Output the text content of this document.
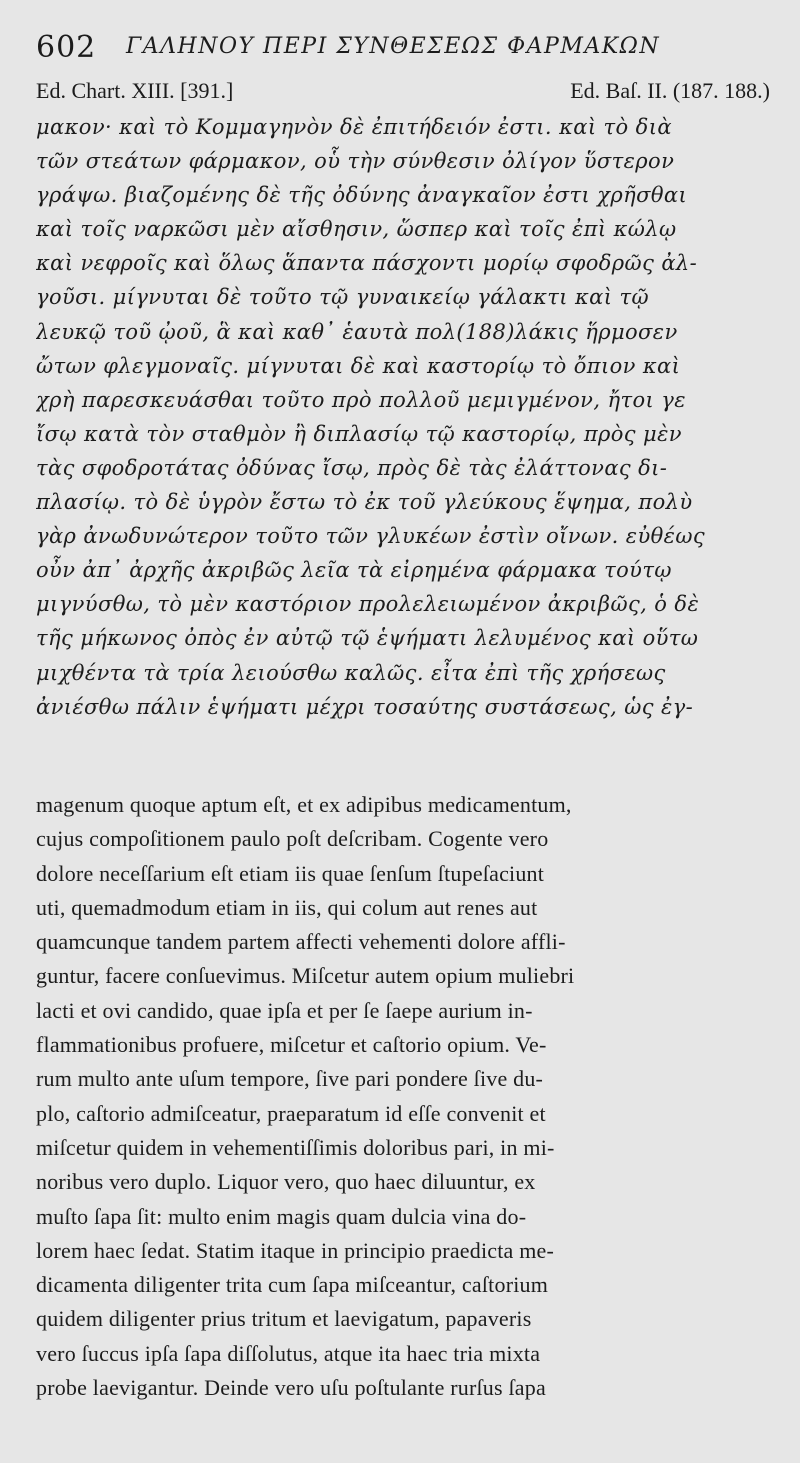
602 ΓΑΛΗΝΟΥ ΠΕΡΙ ΣΥΝΘΕΣΕΩΣ ΦΑΡΜΑΚΩΝ
Ed. Chart. XIII. [391.]	Ed. Baſ. II. (187. 188.)
μακον· καὶ τὸ Κομμαγηνὸν δὲ ἐπιτήδειόν ἐστι. καὶ τὸ διὰ
τῶν στεάτων φάρμακον, οὗ τὴν σύνθεσιν ὀλίγον ὕστερον
γράψω. βιαζομένης δὲ τῆς ὀδύνης ἀναγκαῖον ἐστι χρῆσθαι
καὶ τοῖς ναρκῶσι μὲν αἴσθησιν, ὥσπερ καὶ τοῖς ἐπὶ κώλῳ
καὶ νεφροῖς καὶ ὅλως ἅπαντα πάσχοντι μορίῳ σφοδρῶς ἀλ-
γοῦσι. μίγνυται δὲ τοῦτο τῷ γυναικείῳ γάλακτι καὶ τῷ
λευκῷ τοῦ ᾠοῦ, ἃ καὶ καθ᾽ ἑαυτὰ πολ(188)λάκις ἥρμοσεν
ὤτων φλεγμοναῖς. μίγνυται δὲ καὶ καστορίῳ τὸ ὄπιον καὶ
χρὴ παρεσκευάσθαι τοῦτο πρὸ πολλοῦ μεμιγμένον, ἤτοι γε
ἴσῳ κατὰ τὸν σταθμὸν ἢ διπλασίῳ τῷ καστορίῳ, πρὸς μὲν
τὰς σφοδροτάτας ὀδύνας ἴσῳ, πρὸς δὲ τὰς ἐλάττονας δι-
πλασίῳ. τὸ δὲ ὑγρὸν ἔστω τὸ ἐκ τοῦ γλεύκους ἕψημα, πολὺ
γὰρ ἀνωδυνώτερον τοῦτο τῶν γλυκέων ἐστὶν οἴνων. εὐθέως
οὖν ἀπ᾽ ἀρχῆς ἀκριβῶς λεῖα τὰ εἰρημένα φάρμακα τούτῳ
μιγνύσθω, τὸ μὲν καστόριον προλελειωμένον ἀκριβῶς, ὁ δὲ
τῆς μήκωνος ὀπὸς ἐν αὐτῷ τῷ ἑψήματι λελυμένος καὶ οὕτω
μιχθέντα τὰ τρία λειούσθω καλῶς. εἶτα ἐπὶ τῆς χρήσεως
ἀνιέσθω πάλιν ἑψήματι μέχρι τοσαύτης συστάσεως, ὡς ἐγ-
magenum quoque aptum eſt, et ex adipibus medicamentum,
cujus compoſitionem paulo poſt deſcribam. Cogente vero
dolore neceſſarium eſt etiam iis quae ſenſum ſtupeſaciunt
uti, quemadmodum etiam in iis, qui colum aut renes aut
quamcunque tandem partem affecti vehementi dolore affli-
guntur, facere conſuevimus. Miſcetur autem opium muliebri
lacti et ovi candido, quae ipſa et per ſe ſaepe aurium in-
flammationibus profuere, miſcetur et caſtorio opium. Ve-
rum multo ante uſum tempore, ſive pari pondere ſive du-
plo, caſtorio admiſceatur, praeparatum id eſſe convenit et
miſcetur quidem in vehementiſſimis doloribus pari, in mi-
noribus vero duplo. Liquor vero, quo haec diluuntur, ex
muſto ſapa ſit: multo enim magis quam dulcia vina do-
lorem haec ſedat. Statim itaque in principio praedicta me-
dicamenta diligenter trita cum ſapa miſceantur, caſtorium
quidem diligenter prius tritum et laevigatum, papaveris
vero ſuccus ipſa ſapa diſſolutus, atque ita haec tria mixta
probe laevigantur. Deinde vero uſu poſtulante rurſus ſapa
